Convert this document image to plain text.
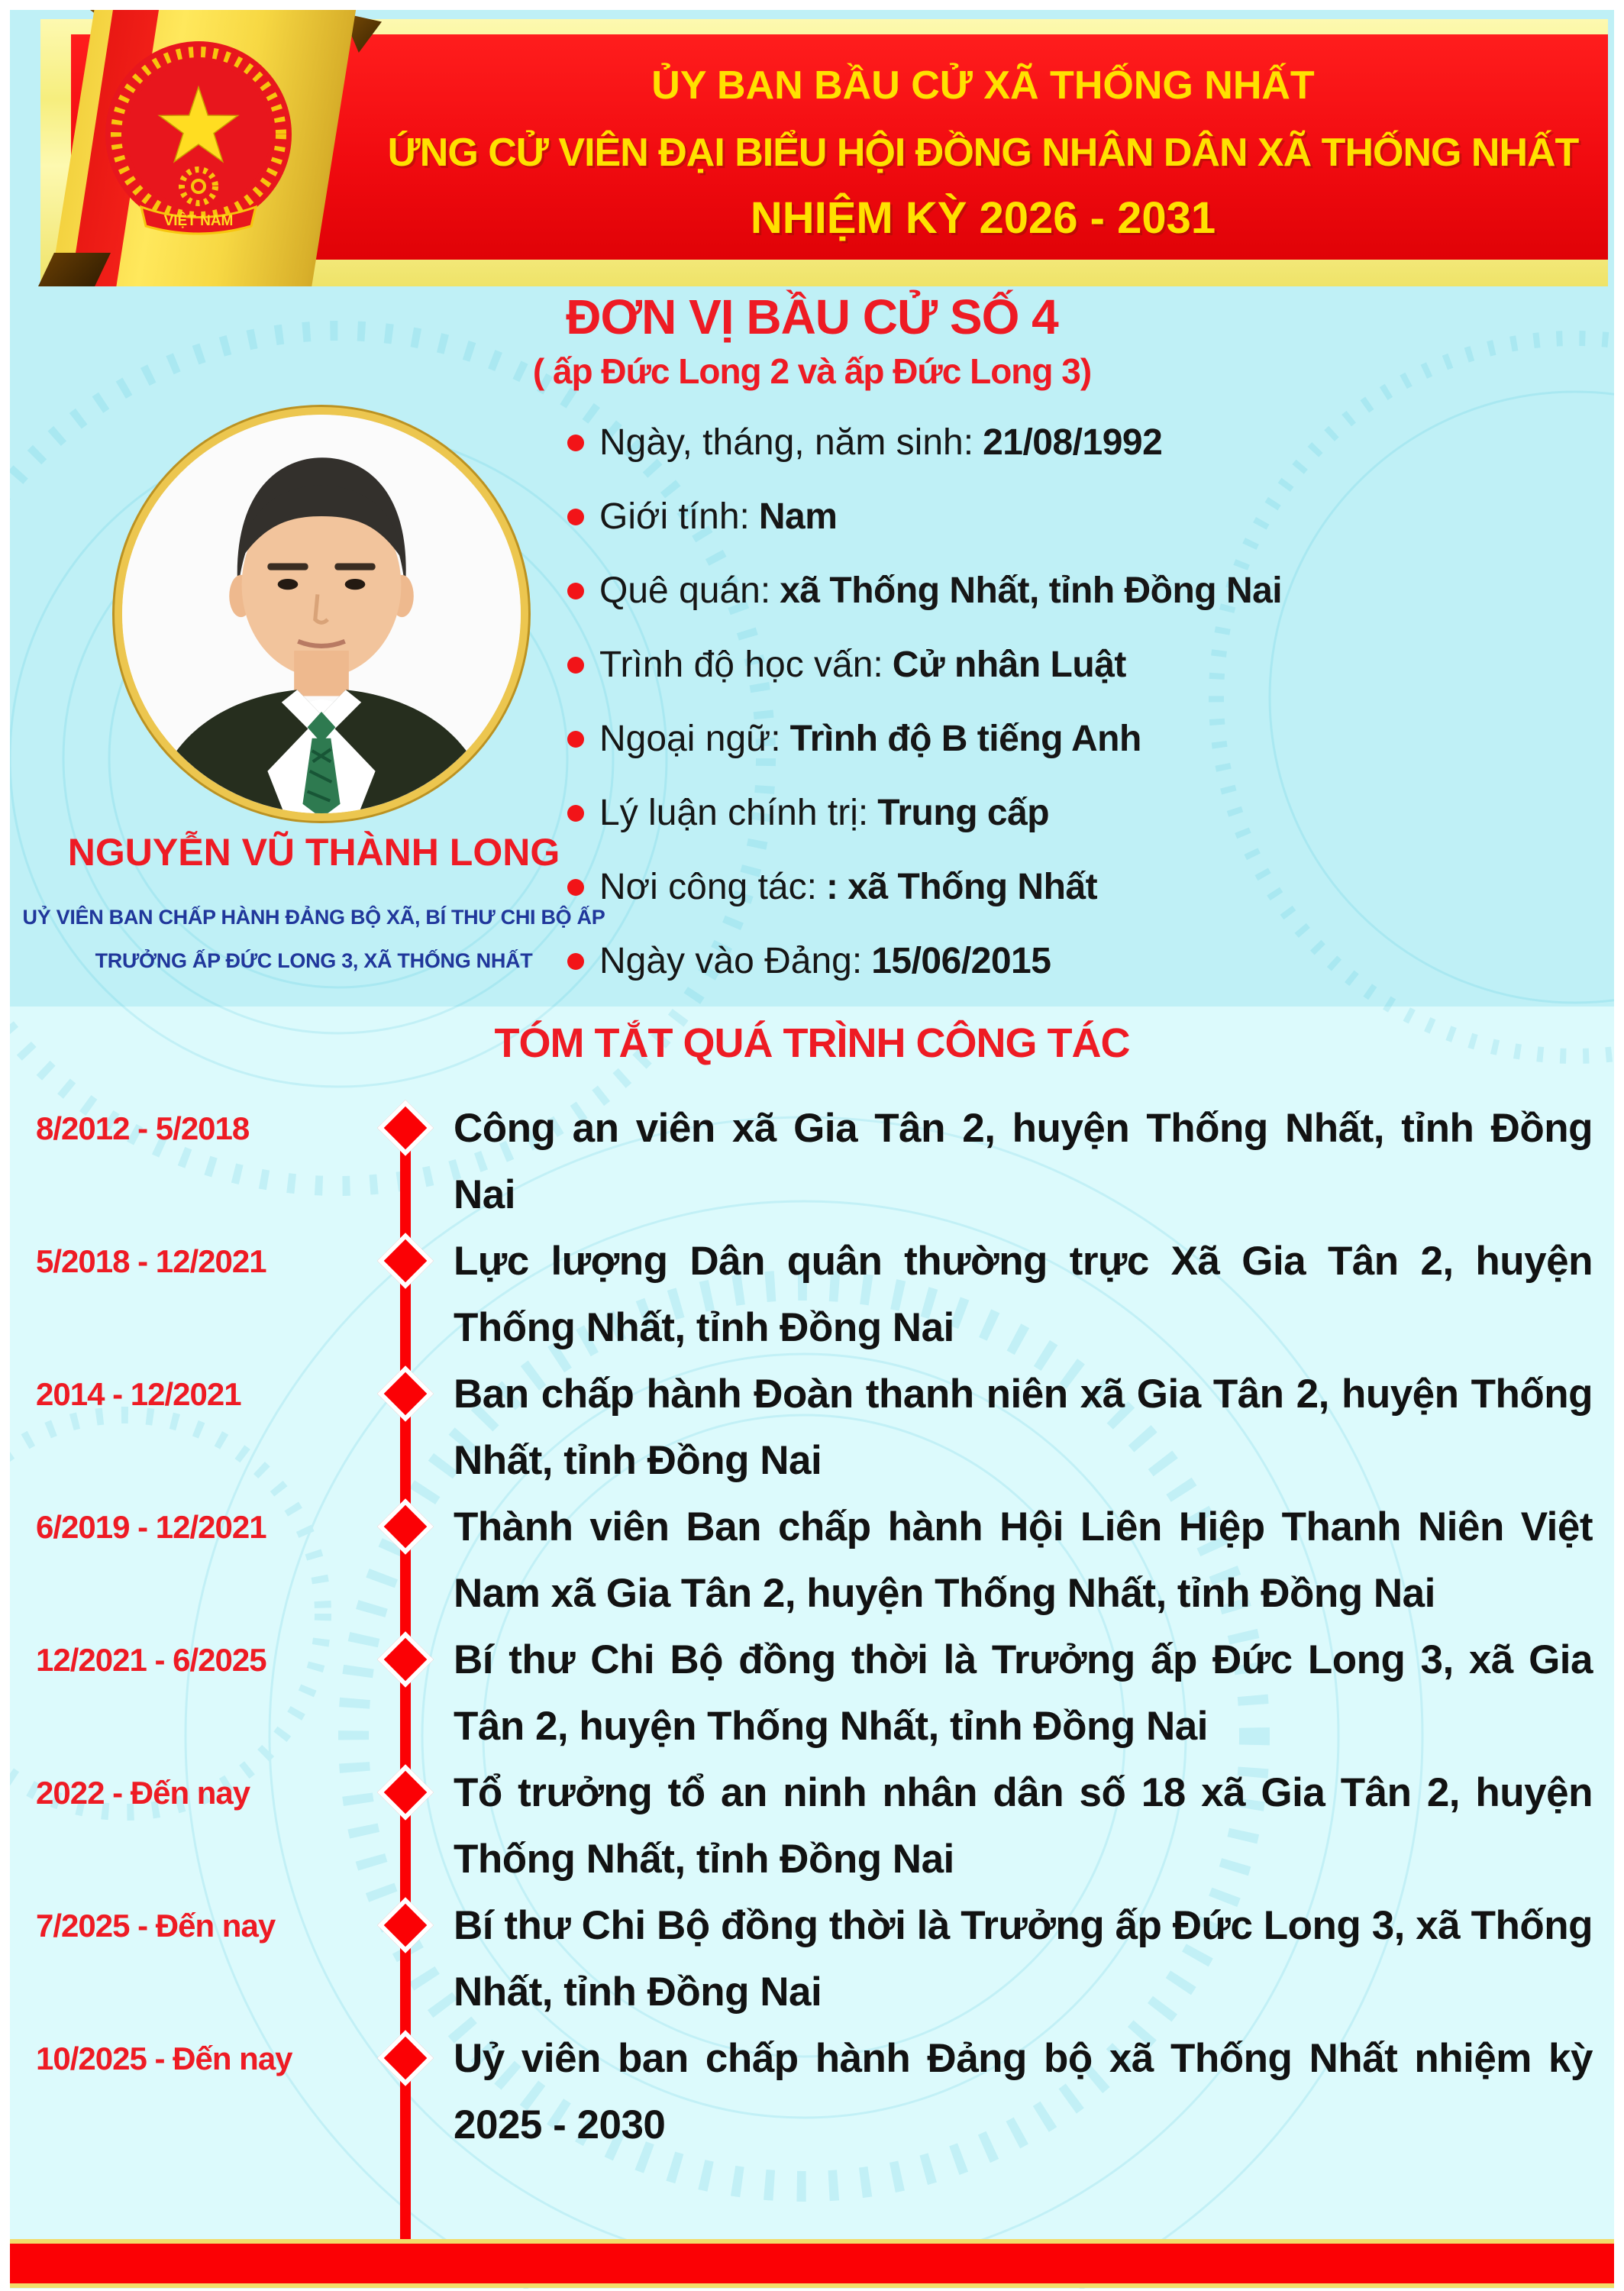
ỦY BAN BẦU CỬ XÃ THỐNG NHẤT
ỨNG CỬ VIÊN ĐẠI BIỂU HỘI ĐỒNG NHÂN DÂN XÃ THỐNG NHẤT
NHIỆM KỲ 2026 - 2031
VIỆT NAM
ĐƠN VỊ BẦU CỬ SỐ 4
( ấp Đức Long 2 và ấp Đức Long 3)
NGUYỄN VŨ THÀNH LONG
UỶ VIÊN BAN CHẤP HÀNH ĐẢNG BỘ XÃ, BÍ THƯ CHI BỘ ẤP
TRƯỞNG ẤP ĐỨC LONG 3, XÃ THỐNG NHẤT
Ngày, tháng, năm sinh: 21/08/1992
Giới tính: Nam
Quê quán: xã Thống Nhất, tỉnh Đồng Nai
Trình độ học vấn: Cử nhân Luật
Ngoại ngữ: Trình độ B tiếng Anh
Lý luận chính trị: Trung cấp
Nơi công tác: : xã Thống Nhất
Ngày vào Đảng: 15/06/2015
TÓM TẮT QUÁ TRÌNH CÔNG TÁC
8/2012 - 5/2018	Công an viên xã Gia Tân 2, huyện Thống Nhất, tỉnh Đồng Nai
5/2018 - 12/2021	Lực lượng Dân quân thường trực Xã Gia Tân 2, huyện Thống Nhất, tỉnh Đồng Nai
2014 - 12/2021	Ban chấp hành Đoàn thanh niên xã Gia Tân 2, huyện Thống Nhất, tỉnh Đồng Nai
6/2019 - 12/2021	Thành viên Ban chấp hành Hội Liên Hiệp Thanh Niên Việt Nam xã Gia Tân 2, huyện Thống Nhất, tỉnh Đồng Nai
12/2021 - 6/2025	Bí thư Chi Bộ đồng thời là Trưởng ấp Đức Long 3, xã Gia Tân 2, huyện Thống Nhất, tỉnh Đồng Nai
2022 - Đến nay	Tổ trưởng tổ an ninh nhân dân số 18 xã Gia Tân 2, huyện Thống Nhất, tỉnh Đồng Nai
7/2025 - Đến nay	Bí thư Chi Bộ đồng thời là Trưởng ấp Đức Long 3, xã Thống Nhất, tỉnh Đồng Nai
10/2025 - Đến nay	Uỷ viên ban chấp hành Đảng bộ xã Thống Nhất nhiệm kỳ 2025 - 2030
